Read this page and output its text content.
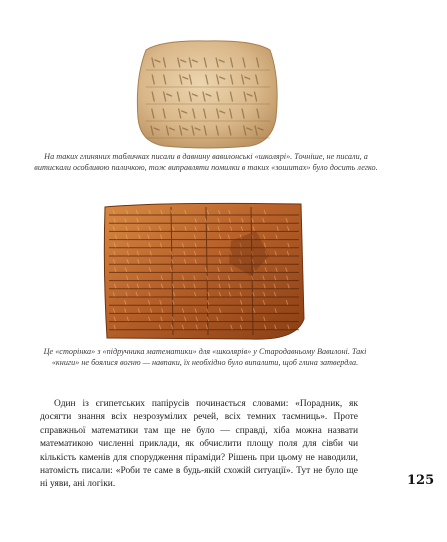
На таких глиняних табличках писали в давнину вавилонські «школярі». Точніше, не писали, а витискали особливою паличкою, тож виправляти помилки в таких «зошитах» було досить легко.

Це «сторінка» з «підручника математики» для «школярів» у Стародавньому Вавилоні. Такі «книги» не боялися вогню — навпаки, їх необхідно було випалити, щоб глина затвердла.

Один із єгипетських папірусів починається словами: «Порадник, як досягти знання всіх незрозумілих речей, всіх темних таємниць». Проте справжньої математики там ще не було — справді, хіба можна назвати математикою численні приклади, як обчислити площу поля для сівби чи кількість каменів для спорудження піраміди? Рішень при цьому не наводили, натомість писали: «Роби те саме в будь-якій схожій ситуації». Тут не було ще ні уяви, ані логіки.	125
